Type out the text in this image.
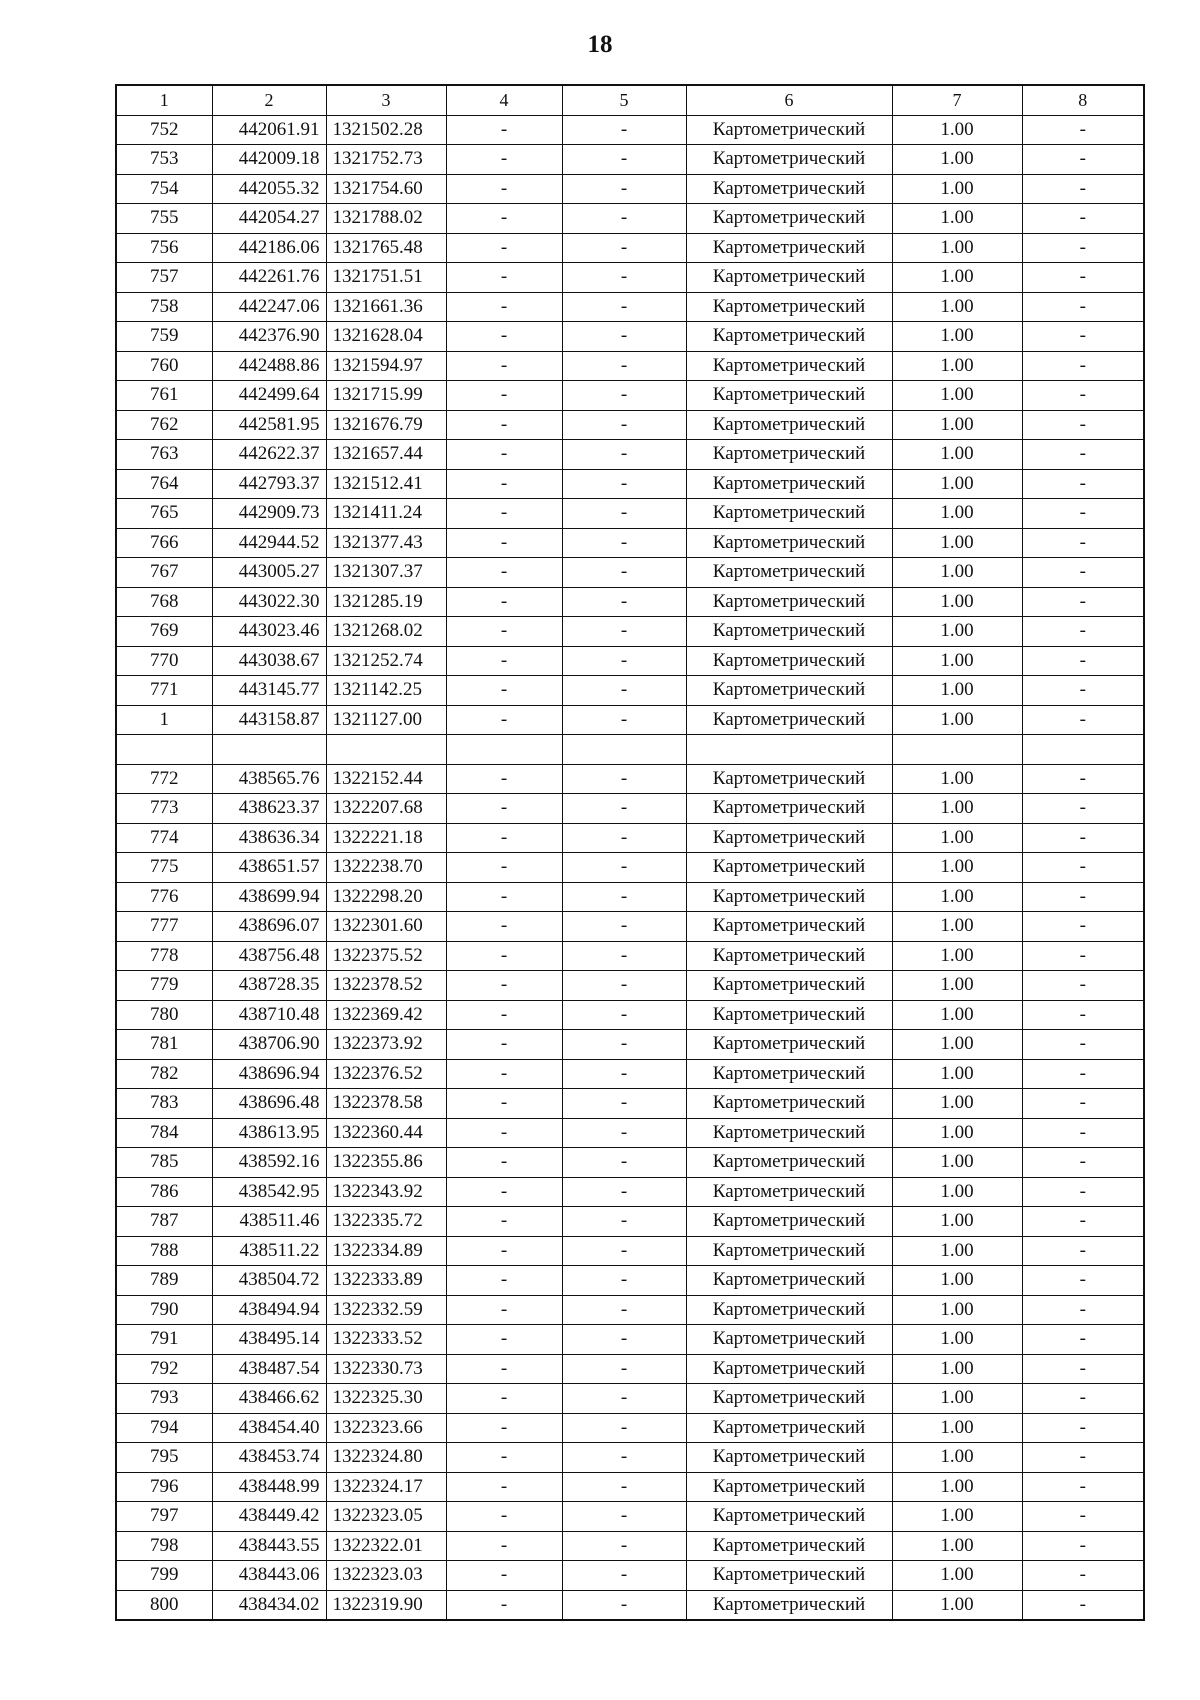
18
1	2	3	4	5	6	7	8
752	442061.91	1321502.28	-	-	Картометрический	1.00	-
753	442009.18	1321752.73	-	-	Картометрический	1.00	-
754	442055.32	1321754.60	-	-	Картометрический	1.00	-
755	442054.27	1321788.02	-	-	Картометрический	1.00	-
756	442186.06	1321765.48	-	-	Картометрический	1.00	-
757	442261.76	1321751.51	-	-	Картометрический	1.00	-
758	442247.06	1321661.36	-	-	Картометрический	1.00	-
759	442376.90	1321628.04	-	-	Картометрический	1.00	-
760	442488.86	1321594.97	-	-	Картометрический	1.00	-
761	442499.64	1321715.99	-	-	Картометрический	1.00	-
762	442581.95	1321676.79	-	-	Картометрический	1.00	-
763	442622.37	1321657.44	-	-	Картометрический	1.00	-
764	442793.37	1321512.41	-	-	Картометрический	1.00	-
765	442909.73	1321411.24	-	-	Картометрический	1.00	-
766	442944.52	1321377.43	-	-	Картометрический	1.00	-
767	443005.27	1321307.37	-	-	Картометрический	1.00	-
768	443022.30	1321285.19	-	-	Картометрический	1.00	-
769	443023.46	1321268.02	-	-	Картометрический	1.00	-
770	443038.67	1321252.74	-	-	Картометрический	1.00	-
771	443145.77	1321142.25	-	-	Картометрический	1.00	-
1	443158.87	1321127.00	-	-	Картометрический	1.00	-

772	438565.76	1322152.44	-	-	Картометрический	1.00	-
773	438623.37	1322207.68	-	-	Картометрический	1.00	-
774	438636.34	1322221.18	-	-	Картометрический	1.00	-
775	438651.57	1322238.70	-	-	Картометрический	1.00	-
776	438699.94	1322298.20	-	-	Картометрический	1.00	-
777	438696.07	1322301.60	-	-	Картометрический	1.00	-
778	438756.48	1322375.52	-	-	Картометрический	1.00	-
779	438728.35	1322378.52	-	-	Картометрический	1.00	-
780	438710.48	1322369.42	-	-	Картометрический	1.00	-
781	438706.90	1322373.92	-	-	Картометрический	1.00	-
782	438696.94	1322376.52	-	-	Картометрический	1.00	-
783	438696.48	1322378.58	-	-	Картометрический	1.00	-
784	438613.95	1322360.44	-	-	Картометрический	1.00	-
785	438592.16	1322355.86	-	-	Картометрический	1.00	-
786	438542.95	1322343.92	-	-	Картометрический	1.00	-
787	438511.46	1322335.72	-	-	Картометрический	1.00	-
788	438511.22	1322334.89	-	-	Картометрический	1.00	-
789	438504.72	1322333.89	-	-	Картометрический	1.00	-
790	438494.94	1322332.59	-	-	Картометрический	1.00	-
791	438495.14	1322333.52	-	-	Картометрический	1.00	-
792	438487.54	1322330.73	-	-	Картометрический	1.00	-
793	438466.62	1322325.30	-	-	Картометрический	1.00	-
794	438454.40	1322323.66	-	-	Картометрический	1.00	-
795	438453.74	1322324.80	-	-	Картометрический	1.00	-
796	438448.99	1322324.17	-	-	Картометрический	1.00	-
797	438449.42	1322323.05	-	-	Картометрический	1.00	-
798	438443.55	1322322.01	-	-	Картометрический	1.00	-
799	438443.06	1322323.03	-	-	Картометрический	1.00	-
800	438434.02	1322319.90	-	-	Картометрический	1.00	-
